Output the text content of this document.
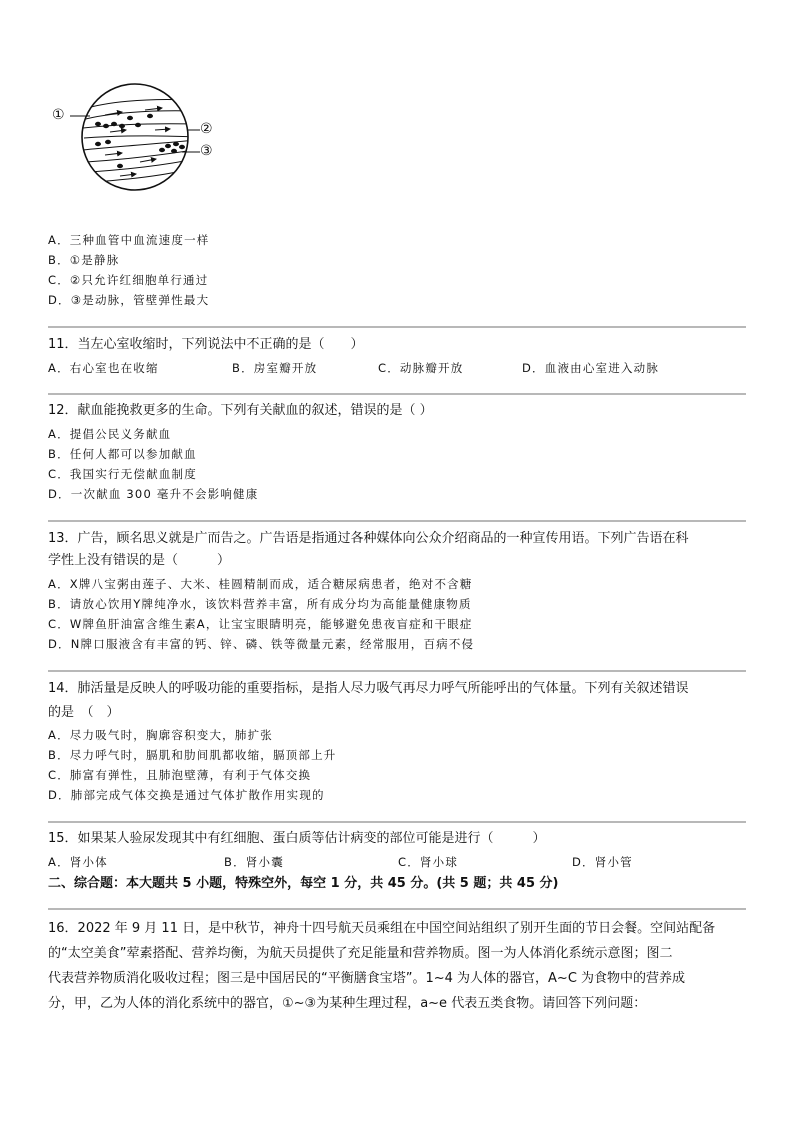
①
②
③
A．三种血管中血流速度一样
B．①是静脉
C．②只允许红细胞单行通过
D．③是动脉，管壁弹性最大
11．当左心室收缩时，下列说法中不正确的是（　　）
A．右心室也在收缩	B．房室瓣开放	C．动脉瓣开放	D．血液由心室进入动脉
12．献血能挽救更多的生命。下列有关献血的叙述，错误的是（ ）
A．提倡公民义务献血
B．任何人都可以参加献血
C．我国实行无偿献血制度
D．一次献血 300 毫升不会影响健康
13．广告，顾名思义就是广而告之。广告语是指通过各种媒体向公众介绍商品的一种宣传用语。下列广告语在科
学性上没有错误的是（　　　）
A．X牌八宝粥由莲子、大米、桂圆精制而成，适合糖尿病患者，绝对不含糖
B．请放心饮用Y牌纯净水，该饮料营养丰富，所有成分均为高能量健康物质
C．W牌鱼肝油富含维生素A，让宝宝眼睛明亮，能够避免患夜盲症和干眼症
D．N牌口服液含有丰富的钙、锌、磷、铁等微量元素，经常服用，百病不侵
14．肺活量是反映人的呼吸功能的重要指标，是指人尽力吸气再尽力呼气所能呼出的气体量。下列有关叙述错误
的是　（　）
A．尽力吸气时，胸廓容积变大，肺扩张
B．尽力呼气时，膈肌和肋间肌都收缩，膈顶部上升
C．肺富有弹性，且肺泡壁薄，有利于气体交换
D．肺部完成气体交换是通过气体扩散作用实现的
15．如果某人验尿发现其中有红细胞、蛋白质等估计病变的部位可能是进行（　　　）
A．肾小体	B．肾小囊	C．肾小球	D．肾小管
二、综合题：本大题共 5 小题，特殊空外，每空 1 分，共 45 分。(共 5 题；共 45 分)
16．2022 年 9 月 11 日，是中秋节，神舟十四号航天员乘组在中国空间站组织了别开生面的节日会餐。空间站配备
的“太空美食”荤素搭配、营养均衡，为航天员提供了充足能量和营养物质。图一为人体消化系统示意图；图二
代表营养物质消化吸收过程；图三是中国居民的“平衡膳食宝塔”。1~4 为人体的器官，A~C 为食物中的营养成
分，甲，乙为人体的消化系统中的器官，①~③为某种生理过程，a~e 代表五类食物。请回答下列问题：
